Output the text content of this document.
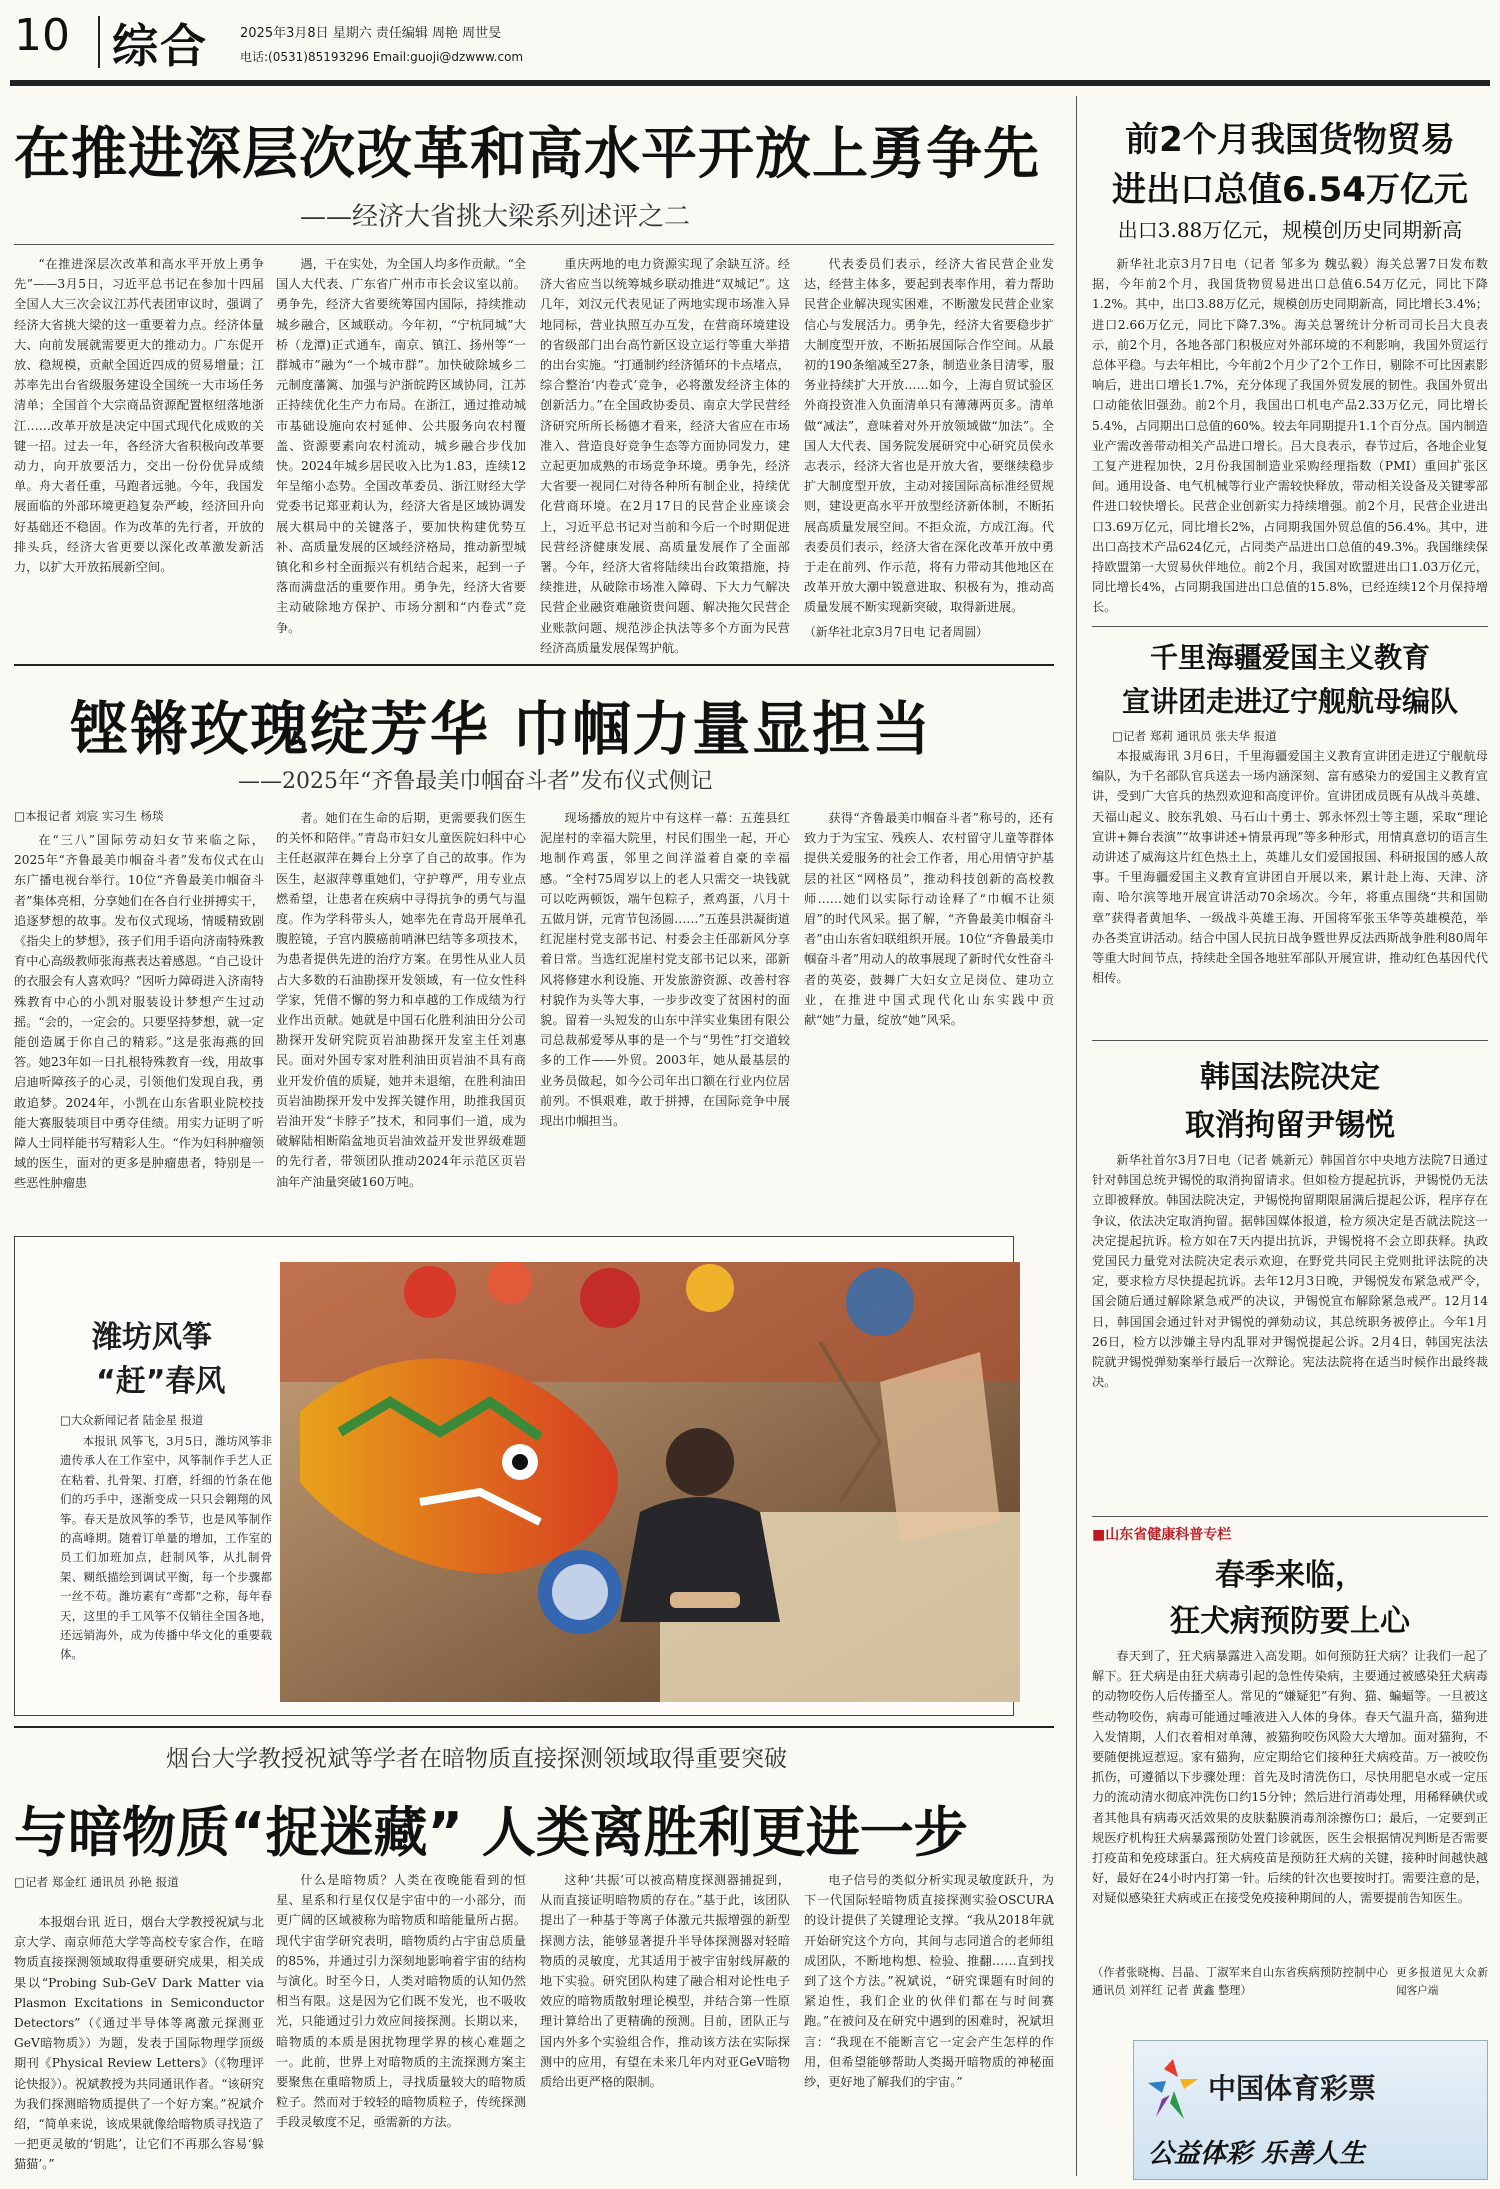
10 综合 2025年3月8日 星期六 责任编辑 周艳 周世旻
电话:(0531)85193296 Email:guoji@dzwww.com
在推进深层次改革和高水平开放上勇争先
——经济大省挑大梁系列述评之二

“在推进深层次改革和高水平开放上勇争先”——3月5日，习近平总书记在参加十四届全国人大三次会议江苏代表团审议时，强调了经济大省挑大梁的这一重要着力点。经济体量大、向前发展就需要更大的推动力。广东促开放、稳规模，贡献全国近四成的贸易增量；江苏率先出台省级服务建设全国统一大市场任务清单；全国首个大宗商品资源配置枢纽落地浙江……改革开放是决定中国式现代化成败的关键一招。过去一年，各经济大省积极向改革要动力，向开放要活力，交出一份份优异成绩单。舟大者任重，马跑者远驰。今年，我国发展面临的外部环境更趋复杂严峻，经济回升向好基础还不稳固。作为改革的先行者，开放的排头兵，经济大省更要以深化改革激发新活力，以扩大开放拓展新空间。

遇，干在实处，为全国人均多作贡献。“全国人大代表、广东省广州市市长会议室以前。勇争先，经济大省要统筹国内国际，持续推动城乡融合，区域联动。今年初，“宁杭同城”大桥（龙潭)正式通车，南京、镇江、扬州等“一群城市”融为“一个城市群”。加快破除城乡二元制度藩篱、加强与沪浙皖跨区域协同，江苏正持续优化生产力布局。在浙江，通过推动城市基础设施向农村延伸、公共服务向农村覆盖、资源要素向农村流动，城乡融合步伐加快。2024年城乡居民收入比为1.83，连续12年呈缩小态势。全国改革委员、浙江财经大学党委书记郑亚莉认为，经济大省是区域协调发展大棋局中的关键落子，要加快构建优势互补、高质量发展的区域经济格局，推动新型城镇化和乡村全面振兴有机结合起来，起到一子落而满盘活的重要作用。勇争先，经济大省要主动破除地方保护、市场分割和“内卷式”竞争。

重庆两地的电力资源实现了余缺互济。经济大省应当以统筹城乡联动推进“双城记”。这几年，刘汉元代表见证了两地实现市场准入异地同标，营业执照互办互发，在营商环境建设的省级部门出台高竹新区设立运行等重大举措的出台实施。“打通制约经济循环的卡点堵点，综合整治‘内卷式’竞争，必将激发经济主体的创新活力。”在全国政协委员、南京大学民营经济研究所所长杨德才看来，经济大省应在市场准入、营造良好竞争生态等方面协同发力，建立起更加成熟的市场竞争环境。勇争先，经济大省要一视同仁对待各种所有制企业，持续优化营商环境。在2月17日的民营企业座谈会上，习近平总书记对当前和今后一个时期促进民营经济健康发展、高质量发展作了全面部署。今年，经济大省将陆续出台政策措施，持续推进，从破除市场准入障碍、下大力气解决民营企业融资难融资贵问题、解决拖欠民营企业账款问题、规范涉企执法等多个方面为民营经济高质量发展保驾护航。

代表委员们表示，经济大省民营企业发达，经营主体多，要起到表率作用，着力帮助民营企业解决现实困难，不断激发民营企业家信心与发展活力。勇争先，经济大省要稳步扩大制度型开放，不断拓展国际合作空间。从最初的190条缩减至27条，制造业条目清零，服务业持续扩大开放……如今，上海自贸试验区外商投资准入负面清单只有薄薄两页多。清单做“减法”，意味着对外开放领域做“加法”。全国人大代表、国务院发展研究中心研究员侯永志表示，经济大省也是开放大省，要继续稳步扩大制度型开放，主动对接国际高标准经贸规则，建设更高水平开放型经济新体制，不断拓展高质量发展空间。不拒众流，方成江海。代表委员们表示，经济大省在深化改革开放中勇于走在前列、作示范，将有力带动其他地区在改革开放大潮中锐意进取、积极有为，推动高质量发展不断实现新突破，取得新进展。

（新华社北京3月7日电 记者周圆）
前2个月我国货物贸易
进出口总值6.54万亿元
出口3.88万亿元，规模创历史同期新高

新华社北京3月7日电（记者 邹多为 魏弘毅）海关总署7日发布数据，今年前2个月，我国货物贸易进出口总值6.54万亿元，同比下降1.2%。其中，出口3.88万亿元，规模创历史同期新高，同比增长3.4%；进口2.66万亿元，同比下降7.3%。海关总署统计分析司司长吕大良表示，前2个月，各地各部门积极应对外部环境的不利影响，我国外贸运行总体平稳。与去年相比，今年前2个月少了2个工作日，剔除不可比因素影响后，进出口增长1.7%，充分体现了我国外贸发展的韧性。我国外贸出口动能依旧强劲。前2个月，我国出口机电产品2.33万亿元，同比增长5.4%，占同期出口总值的60%。较去年同期提升1.1个百分点。国内制造业产需改善带动相关产品进口增长。吕大良表示，春节过后，各地企业复工复产进程加快，2月份我国制造业采购经理指数（PMI）重回扩张区间。通用设备、电气机械等行业产需较快释放，带动相关设备及关键零部件进口较快增长。民营企业创新实力持续增强。前2个月，民营企业进出口3.69万亿元，同比增长2%，占同期我国外贸总值的56.4%。其中，进出口高技术产品624亿元，占同类产品进出口总值的49.3%。我国继续保持欧盟第一大贸易伙伴地位。前2个月，我国对欧盟进出口1.03万亿元，同比增长4%，占同期我国进出口总值的15.8%，已经连续12个月保持增长。

铿锵玫瑰绽芳华 巾帼力量显担当
——2025年“齐鲁最美巾帼奋斗者”发布仪式侧记
□本报记者 刘宸 实习生 杨琰

在“三八”国际劳动妇女节来临之际，2025年“齐鲁最美巾帼奋斗者”发布仪式在山东广播电视台举行。10位“齐鲁最美巾帼奋斗者”集体亮相，分享她们在各自行业拼搏实干，追逐梦想的故事。发布仪式现场，情暖精致剧《指尖上的梦想》，孩子们用手语向济南特殊教育中心高级教师张海燕表达着感恩。“自己设计的衣服会有人喜欢吗？”因听力障碍进入济南特殊教育中心的小凯对服装设计梦想产生过动摇。“会的，一定会的。只要坚持梦想，就一定能创造属于你自己的精彩。”这是张海燕的回答。她23年如一日扎根特殊教育一线，用故事启迪听障孩子的心灵，引领他们发现自我，勇敢追梦。2024年，小凯在山东省职业院校技能大赛服装项目中勇夺佳绩。用实力证明了听障人士同样能书写精彩人生。“作为妇科肿瘤领域的医生，面对的更多是肿瘤患者，特别是一些恶性肿瘤患

者。她们在生命的后期，更需要我们医生的关怀和陪伴。”青岛市妇女儿童医院妇科中心主任赵淑萍在舞台上分享了自己的故事。作为医生，赵淑萍尊重她们，守护尊严，用专业点燃希望，让患者在疾病中寻得抗争的勇气与温度。作为学科带头人，她率先在青岛开展单孔腹腔镜，子宫内膜癌前哨淋巴结等多项技术，为患者提供先进的治疗方案。在男性从业人员占大多数的石油勘探开发领域，有一位女性科学家，凭借不懈的努力和卓越的工作成绩为行业作出贡献。她就是中国石化胜利油田分公司勘探开发研究院页岩油勘探开发室主任刘惠民。面对外国专家对胜利油田页岩油不具有商业开发价值的质疑，她并未退缩，在胜利油田页岩油勘探开发中发挥关键作用，助推我国页岩油开发“卡脖子”技术，和同事们一道，成为破解陆相断陷盆地页岩油效益开发世界级难题的先行者，带领团队推动2024年示范区页岩油年产油量突破160万吨。

现场播放的短片中有这样一幕：五莲县红泥崖村的幸福大院里，村民们围坐一起，开心地制作鸡蛋，邻里之间洋溢着自豪的幸福感。“全村75周岁以上的老人只需交一块钱就可以吃两顿饭，端午包粽子，煮鸡蛋，八月十五做月饼，元宵节包汤圆……”五莲县洪凝街道红泥崖村党支部书记、村委会主任邵新风分享着日常。当选红泥崖村党支部书记以来，邵新风将修建水利设施、开发旅游资源、改善村容村貌作为头等大事，一步步改变了贫困村的面貌。留着一头短发的山东中洋实业集团有限公司总裁郝爱琴从事的是一个与“男性”打交道较多的工作——外贸。2003年，她从最基层的业务员做起，如今公司年出口额在行业内位居前列。不惧艰难，敢于拼搏，在国际竞争中展现出巾帼担当。

获得“齐鲁最美巾帼奋斗者”称号的，还有致力于为宝宝、残疾人、农村留守儿童等群体提供关爱服务的社会工作者，用心用情守护基层的社区“网格员”，推动科技创新的高校教师……她们以实际行动诠释了“巾帼不让须眉”的时代风采。据了解，“齐鲁最美巾帼奋斗者”由山东省妇联组织开展。10位“齐鲁最美巾帼奋斗者”用动人的故事展现了新时代女性奋斗者的英姿，鼓舞广大妇女立足岗位、建功立业，在推进中国式现代化山东实践中贡献“她”力量，绽放“她”风采。

潍坊风筝
“赶”春风
□大众新闻记者 陆金星 报道

本报讯 风筝飞，3月5日，潍坊风筝非遗传承人在工作室中，风筝制作手艺人正在粘着、扎骨架、打磨，纤细的竹条在他们的巧手中，逐渐变成一只只会翱翔的风筝。春天是放风筝的季节，也是风筝制作的高峰期。随着订单量的增加，工作室的员工们加班加点，赶制风筝，从扎制骨架、糊纸描绘到调试平衡，每一个步骤都一丝不苟。潍坊素有“鸢都”之称，每年春天，这里的手工风筝不仅销往全国各地，还远销海外，成为传播中华文化的重要载体。

千里海疆爱国主义教育
宣讲团走进辽宁舰航母编队
□记者 郑莉 通讯员 张夫华 报道

本报威海讯 3月6日，千里海疆爱国主义教育宣讲团走进辽宁舰航母编队，为千名部队官兵送去一场内涵深刻、富有感染力的爱国主义教育宣讲，受到广大官兵的热烈欢迎和高度评价。宣讲团成员既有从战斗英雄、天福山起义、胶东乳娘、马石山十勇士、郭永怀烈士等主题，采取“理论宣讲+舞台表演”“故事讲述+情景再现”等多种形式，用情真意切的语言生动讲述了威海这片红色热土上，英雄儿女们爱国报国、科研报国的感人故事。千里海疆爱国主义教育宣讲团自开展以来，累计赴上海、天津、济南、哈尔滨等地开展宣讲活动70余场次。今年，将重点围绕“共和国勋章”获得者黄旭华、一级战斗英雄王海、开国将军张玉华等英雄模范，举办各类宣讲活动。结合中国人民抗日战争暨世界反法西斯战争胜利80周年等重大时间节点，持续赴全国各地驻军部队开展宣讲，推动红色基因代代相传。

韩国法院决定
取消拘留尹锡悦

新华社首尔3月7日电（记者 姚新元）韩国首尔中央地方法院7日通过针对韩国总统尹锡悦的取消拘留请求。但如检方提起抗诉，尹锡悦仍无法立即被释放。韩国法院决定，尹锡悦拘留期限届满后提起公诉，程序存在争议，依法决定取消拘留。据韩国媒体报道，检方须决定是否就法院这一决定提起抗诉。检方如在7天内提出抗诉，尹锡悦将不会立即获释。执政党国民力量党对法院决定表示欢迎，在野党共同民主党则批评法院的决定，要求检方尽快提起抗诉。去年12月3日晚，尹锡悦发布紧急戒严令，国会随后通过解除紧急戒严的决议，尹锡悦宣布解除紧急戒严。12月14日，韩国国会通过针对尹锡悦的弹劾动议，其总统职务被停止。今年1月26日，检方以涉嫌主导内乱罪对尹锡悦提起公诉。2月4日，韩国宪法法院就尹锡悦弹劾案举行最后一次辩论。宪法法院将在适当时候作出最终裁决。

■山东省健康科普专栏
春季来临，
狂犬病预防要上心

春天到了，狂犬病暴露进入高发期。如何预防狂犬病？让我们一起了解下。狂犬病是由狂犬病毒引起的急性传染病，主要通过被感染狂犬病毒的动物咬伤人后传播至人。常见的“嫌疑犯”有狗、猫、蝙蝠等。一旦被这些动物咬伤，病毒可能通过唾液进入人体的身体。春天气温升高，猫狗进入发情期，人们衣着相对单薄，被猫狗咬伤风险大大增加。面对猫狗，不要随便挑逗惹逗。家有猫狗，应定期给它们接种狂犬病疫苗。万一被咬伤抓伤，可遵循以下步骤处理：首先及时清洗伤口，尽快用肥皂水或一定压力的流动清水彻底冲洗伤口约15分钟；然后进行消毒处理，用稀释碘伏或者其他具有病毒灭活效果的皮肤黏膜消毒剂涂擦伤口；最后，一定要到正规医疗机构狂犬病暴露预防处置门诊就医，医生会根据情况判断是否需要打疫苗和免疫球蛋白。狂犬病疫苗是预防狂犬病的关键，接种时间越快越好，最好在24小时内打第一针。后续的针次也要按时打。需要注意的是，对疑似感染狂犬病或正在接受免疫接种期间的人，需要提前告知医生。

（作者张晓梅、吕晶、丁淑军来自山东省疾病预防控制中心 通讯员 刘祥红 记者 黄鑫 整理）
更多报道见大众新闻客户端
中国体育彩票
公益体彩 乐善人生
烟台大学教授祝斌等学者在暗物质直接探测领域取得重要突破
与暗物质“捉迷藏” 人类离胜利更进一步
□记者 郑金红 通讯员 孙艳 报道

本报烟台讯 近日，烟台大学教授祝斌与北京大学、南京师范大学等高校专家合作，在暗物质直接探测领域取得重要研究成果，相关成果以“Probing Sub-GeV Dark Matter via Plasmon Excitations in Semiconductor Detectors”（《通过半导体等离激元探测亚GeV暗物质》）为题，发表于国际物理学顶级期刊《Physical Review Letters》（《物理评论快报》）。祝斌教授为共同通讯作者。“该研究为我们探测暗物质提供了一个好方案。”祝斌介绍，“简单来说，该成果就像给暗物质寻找造了一把更灵敏的‘钥匙’，让它们不再那么容易‘躲猫猫’。”

什么是暗物质？人类在夜晚能看到的恒星、星系和行星仅仅是宇宙中的一小部分，而更广阔的区域被称为暗物质和暗能量所占据。现代宇宙学研究表明，暗物质约占宇宙总质量的85%，并通过引力深刻地影响着宇宙的结构与演化。时至今日，人类对暗物质的认知仍然相当有限。这是因为它们既不发光，也不吸收光，只能通过引力效应间接探测。长期以来，暗物质的本质是困扰物理学界的核心难题之一。此前，世界上对暗物质的主流探测方案主要聚焦在重暗物质上，寻找质量较大的暗物质粒子。然而对于较轻的暗物质粒子，传统探测手段灵敏度不足，亟需新的方法。

这种‘共振’可以被高精度探测器捕捉到，从而直接证明暗物质的存在。”基于此，该团队提出了一种基于等离子体激元共振增强的新型探测方法，能够显著提升半导体探测器对轻暗物质的灵敏度，尤其适用于被宇宙射线屏蔽的地下实验。研究团队构建了融合相对论性电子效应的暗物质散射理论模型，并结合第一性原理计算给出了更精确的预测。目前，团队正与国内外多个实验组合作，推动该方法在实际探测中的应用，有望在未来几年内对亚GeV暗物质给出更严格的限制。

电子信号的类似分析实现灵敏度跃升，为下一代国际轻暗物质直接探测实验OSCURA的设计提供了关键理论支撑。“我从2018年就开始研究这个方向，其间与志同道合的老师组成团队，不断地构想、检验、推翻……直到找到了这个方法。”祝斌说，“研究课题有时间的紧迫性，我们企业的伙伴们都在与时间赛跑。”在被问及在研究中遇到的困难时，祝斌坦言：“我现在不能断言它一定会产生怎样的作用，但希望能够帮助人类揭开暗物质的神秘面纱，更好地了解我们的宇宙。”
